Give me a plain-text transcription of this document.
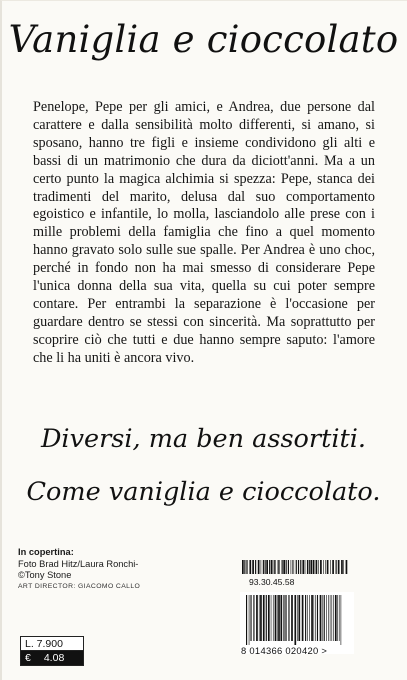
Vaniglia e cioccolato

Penelope, Pepe per gli amici, e Andrea, due persone dal carattere e dalla sensibilità molto differenti, si amano, si sposano, hanno tre figli e insieme condividono gli alti e bassi di un matrimonio che dura da diciott'anni. Ma a un certo punto la magica alchimia si spezza: Pepe, stanca dei tradimenti del marito, delusa dal suo comportamento egoistico e infantile, lo molla, lasciandolo alle prese con i mille problemi della famiglia che fino a quel momento hanno gravato solo sulle sue spalle. Per Andrea è uno choc, perché in fondo non ha mai smesso di considerare Pepe l'unica donna della sua vita, quella su cui poter sempre contare. Per entrambi la separazione è l'occasione per guardare dentro se stessi con sincerità. Ma soprattutto per scoprire ciò che tutti e due hanno sempre saputo: l'amore che li ha uniti è ancora vivo.

Diversi, ma ben assortiti.
Come vaniglia e cioccolato.
In copertina:
Foto Brad Hitz/Laura Ronchi-
©Tony Stone
ART DIRECTOR: GIACOMO CALLO
L. 7.900
€ 4.08
93.30.45.58
8 014366 020420 >
